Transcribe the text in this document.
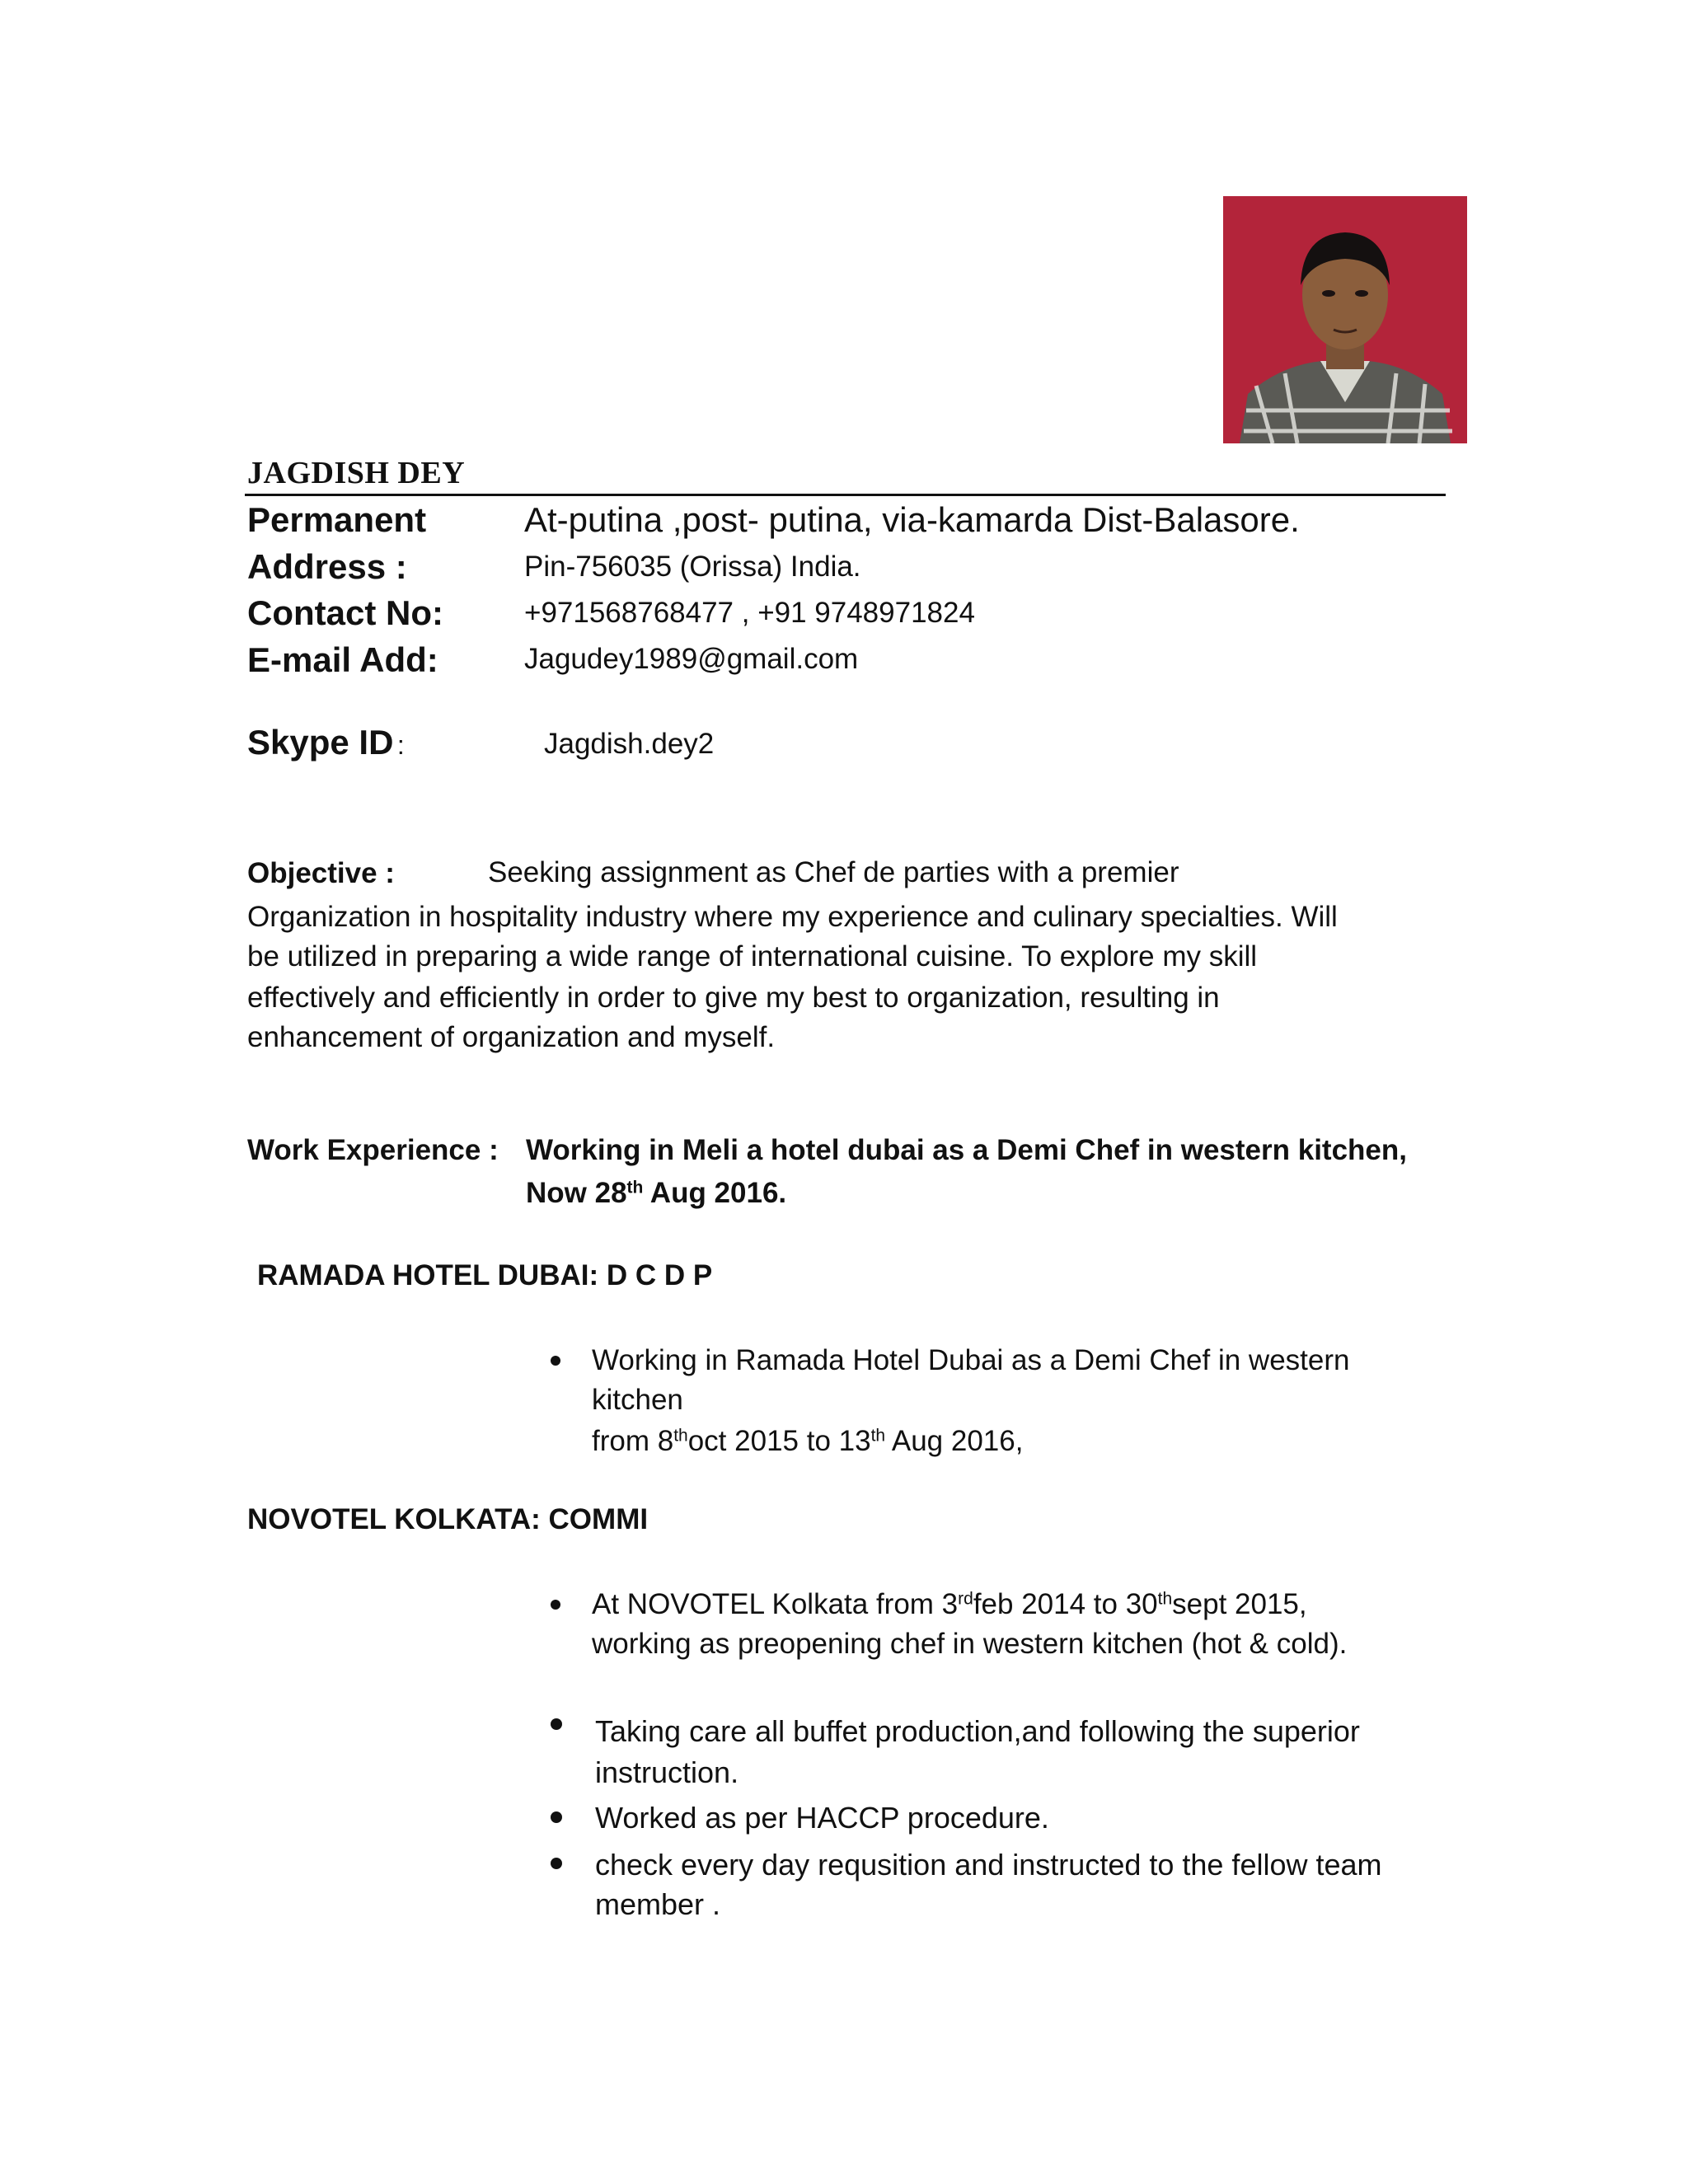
JAGDISH DEY
Permanent	At-putina ,post- putina, via-kamarda Dist-Balasore.
Address :	Pin-756035 (Orissa) India.
Contact No:	+971568768477 , +91 9748971824
E-mail Add:	Jagudey1989@gmail.com
Skype ID :	Jagdish.dey2
Objective :	Seeking assignment as Chef de parties with a premier
Organization in hospitality industry where my experience and culinary specialties. Will
be utilized in preparing a wide range of international cuisine. To explore my skill
effectively and efficiently in order to give my best to organization, resulting in
enhancement of organization and myself.
Work Experience : Working in Meli a hotel dubai as a Demi Chef in western kitchen,
Now 28th Aug 2016.
RAMADA HOTEL DUBAI: D C D P
Working in Ramada Hotel Dubai as a Demi Chef in western
kitchen
from 8thoct 2015 to 13th Aug 2016,
NOVOTEL KOLKATA: COMMI
At NOVOTEL Kolkata from 3rdfeb 2014 to 30thsept 2015,
working as preopening chef in western kitchen (hot & cold).
Taking care all buffet production,and following the superior
instruction.
Worked as per HACCP procedure.
check every day requsition and instructed to the fellow team
member .
